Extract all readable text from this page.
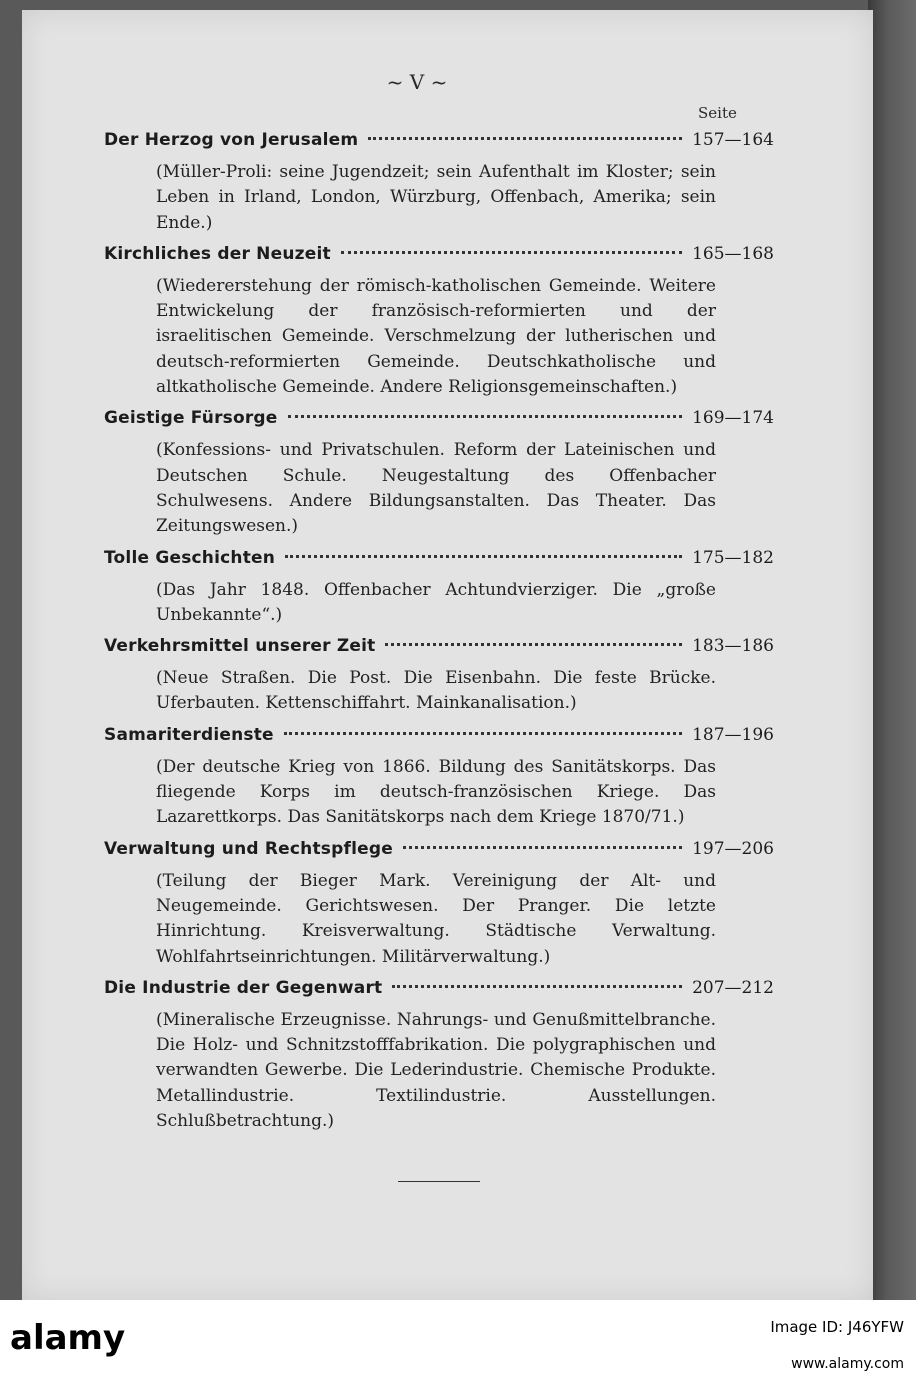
~ V ~
Seite
Der Herzog von Jerusalem	157—164

(Müller-Proli: seine Jugendzeit; sein Aufenthalt im Kloster; sein Leben in Irland, London, Würzburg, Offenbach, Amerika; sein Ende.)

Kirchliches der Neuzeit	165—168

(Wiedererstehung der römisch-katholischen Gemeinde. Weitere Entwickelung der französisch-reformierten und der israelitischen Gemeinde. Verschmelzung der lutherischen und deutsch-reformierten Gemeinde. Deutschkatholische und altkatholische Gemeinde. Andere Religionsgemeinschaften.)

Geistige Fürsorge	169—174

(Konfessions- und Privatschulen. Reform der Lateinischen und Deutschen Schule. Neugestaltung des Offenbacher Schulwesens. Andere Bildungsanstalten. Das Theater. Das Zeitungswesen.)

Tolle Geschichten	175—182

(Das Jahr 1848. Offenbacher Achtundvierziger. Die „große Unbekannte“.)

Verkehrsmittel unserer Zeit	183—186

(Neue Straßen. Die Post. Die Eisenbahn. Die feste Brücke. Uferbauten. Kettenschiffahrt. Mainkanalisation.)

Samariterdienste	187—196

(Der deutsche Krieg von 1866. Bildung des Sanitätskorps. Das fliegende Korps im deutsch-französischen Kriege. Das Lazarettkorps. Das Sanitätskorps nach dem Kriege 1870/71.)

Verwaltung und Rechtspflege	197—206

(Teilung der Bieger Mark. Vereinigung der Alt- und Neugemeinde. Gerichtswesen. Der Pranger. Die letzte Hinrichtung. Kreisverwaltung. Städtische Verwaltung. Wohlfahrtseinrichtungen. Militärverwaltung.)

Die Industrie der Gegenwart	207—212

(Mineralische Erzeugnisse. Nahrungs- und Genußmittelbranche. Die Holz- und Schnitzstofffabrikation. Die polygraphischen und verwandten Gewerbe. Die Lederindustrie. Chemische Produkte. Metallindustrie. Textilindustrie. Ausstellungen. Schlußbetrachtung.)

alamy	Image ID: J46YFW
www.alamy.com
